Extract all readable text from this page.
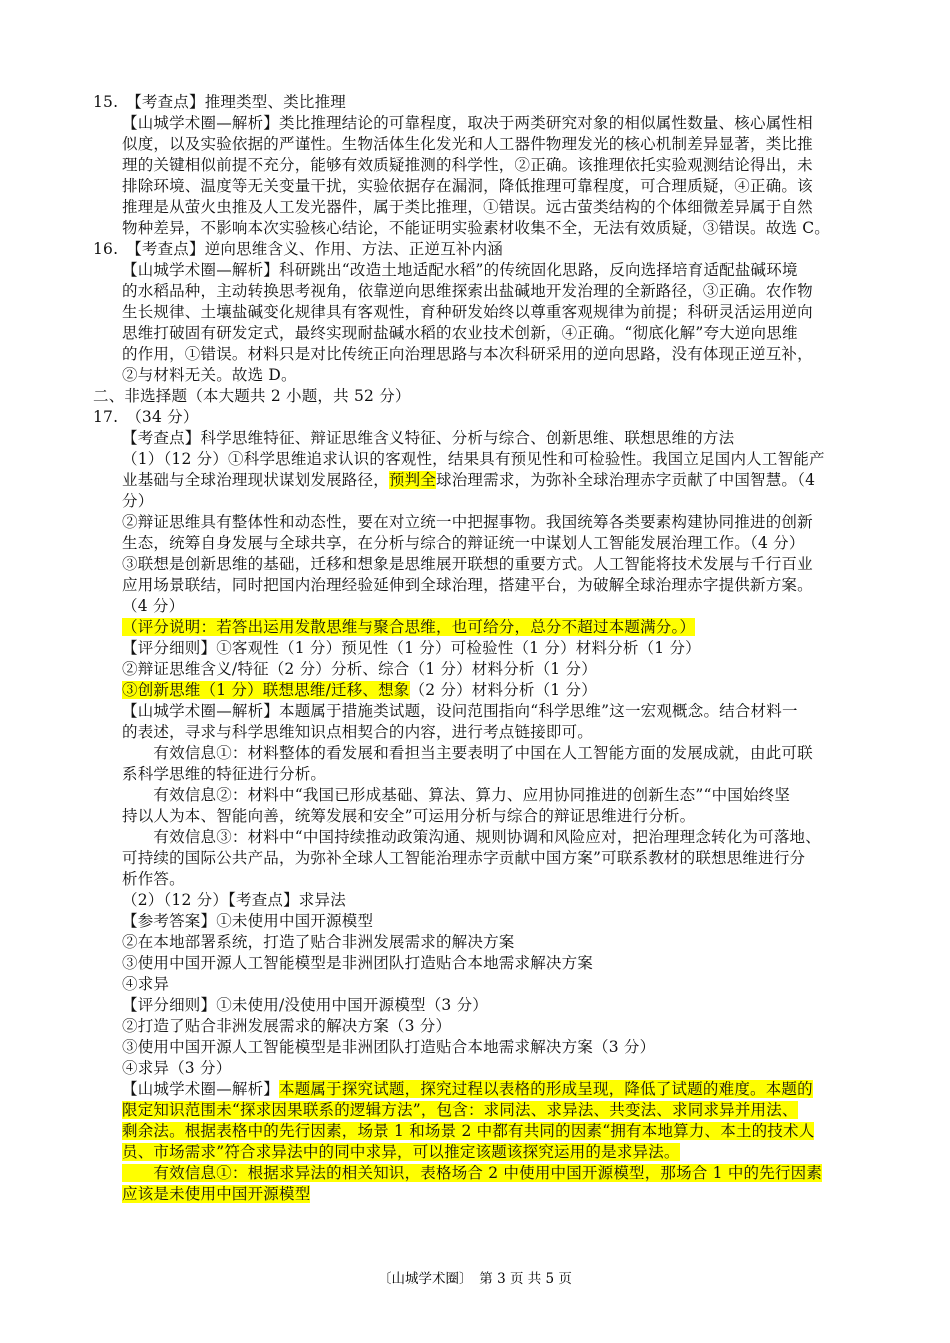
15.　【考查点】推理类型、类比推理
【山城学术圈—解析】类比推理结论的可靠程度，取决于两类研究对象的相似属性数量、核心属性相
似度，以及实验依据的严谨性。生物活体生化发光和人工器件物理发光的核心机制差异显著，类比推
理的关键相似前提不充分，能够有效质疑推测的科学性，②正确。该推理依托实验观测结论得出，未
排除环境、温度等无关变量干扰，实验依据存在漏洞，降低推理可靠程度，可合理质疑，④正确。该
推理是从萤火虫推及人工发光器件，属于类比推理，①错误。远古萤类结构的个体细微差异属于自然
物种差异，不影响本次实验核心结论，不能证明实验素材收集不全，无法有效质疑，③错误。故选 C。
16.　【考查点】逆向思维含义、作用、方法、正逆互补内涵
【山城学术圈—解析】科研跳出“改造土地适配水稻”的传统固化思路，反向选择培育适配盐碱环境
的水稻品种，主动转换思考视角，依靠逆向思维探索出盐碱地开发治理的全新路径，③正确。农作物
生长规律、土壤盐碱变化规律具有客观性，育种研发始终以尊重客观规律为前提；科研灵活运用逆向
思维打破固有研发定式，最终实现耐盐碱水稻的农业技术创新，④正确。“彻底化解”夸大逆向思维
的作用，①错误。材料只是对比传统正向治理思路与本次科研采用的逆向思路，没有体现正逆互补，
②与材料无关。故选 D。
二、非选择题（本大题共 2 小题，共 52 分）
17.　（34 分）
【考查点】科学思维特征、辩证思维含义特征、分析与综合、创新思维、联想思维的方法
（1）（12 分）①科学思维追求认识的客观性，结果具有预见性和可检验性。我国立足国内人工智能产
业基础与全球治理现状谋划发展路径，预判全球治理需求，为弥补全球治理赤字贡献了中国智慧。（4
分）
②辩证思维具有整体性和动态性，要在对立统一中把握事物。我国统筹各类要素构建协同推进的创新
生态，统筹自身发展与全球共享，在分析与综合的辩证统一中谋划人工智能发展治理工作。（4 分）
③联想是创新思维的基础，迁移和想象是思维展开联想的重要方式。人工智能将技术发展与千行百业
应用场景联结，同时把国内治理经验延伸到全球治理，搭建平台，为破解全球治理赤字提供新方案。
（4 分）
（评分说明：若答出运用发散思维与聚合思维，也可给分，总分不超过本题满分。）
【评分细则】①客观性（1 分）预见性（1 分）可检验性（1 分）材料分析（1 分）
②辩证思维含义/特征（2 分）分析、综合（1 分）材料分析（1 分）
③创新思维（1 分）联想思维/迁移、想象（2 分）材料分析（1 分）
【山城学术圈—解析】本题属于措施类试题，设问范围指向“科学思维”这一宏观概念。结合材料一
的表述，寻求与科学思维知识点相契合的内容，进行考点链接即可。
　　有效信息①：材料整体的看发展和看担当主要表明了中国在人工智能方面的发展成就，由此可联
系科学思维的特征进行分析。
　　有效信息②：材料中“我国已形成基础、算法、算力、应用协同推进的创新生态”“中国始终坚
持以人为本、智能向善，统筹发展和安全”可运用分析与综合的辩证思维进行分析。
　　有效信息③：材料中“中国持续推动政策沟通、规则协调和风险应对，把治理理念转化为可落地、
可持续的国际公共产品，为弥补全球人工智能治理赤字贡献中国方案”可联系教材的联想思维进行分
析作答。
（2）（12 分）【考查点】求异法
【参考答案】①未使用中国开源模型
②在本地部署系统，打造了贴合非洲发展需求的解决方案
③使用中国开源人工智能模型是非洲团队打造贴合本地需求解决方案
④求异
【评分细则】①未使用/没使用中国开源模型（3 分）
②打造了贴合非洲发展需求的解决方案（3 分）
③使用中国开源人工智能模型是非洲团队打造贴合本地需求解决方案（3 分）
④求异（3 分）
【山城学术圈—解析】本题属于探究试题，探究过程以表格的形成呈现，降低了试题的难度。本题的
限定知识范围未“探求因果联系的逻辑方法”，包含：求同法、求异法、共变法、求同求异并用法、
剩余法。根据表格中的先行因素，场景 1 和场景 2 中都有共同的因素“拥有本地算力、本土的技术人
员、市场需求”符合求异法中的同中求异，可以推定该题该探究运用的是求异法。
　　有效信息①：根据求异法的相关知识，表格场合 2 中使用中国开源模型，那场合 1 中的先行因素
应该是未使用中国开源模型
〔山城学术圈〕　第 3 页 共 5 页
